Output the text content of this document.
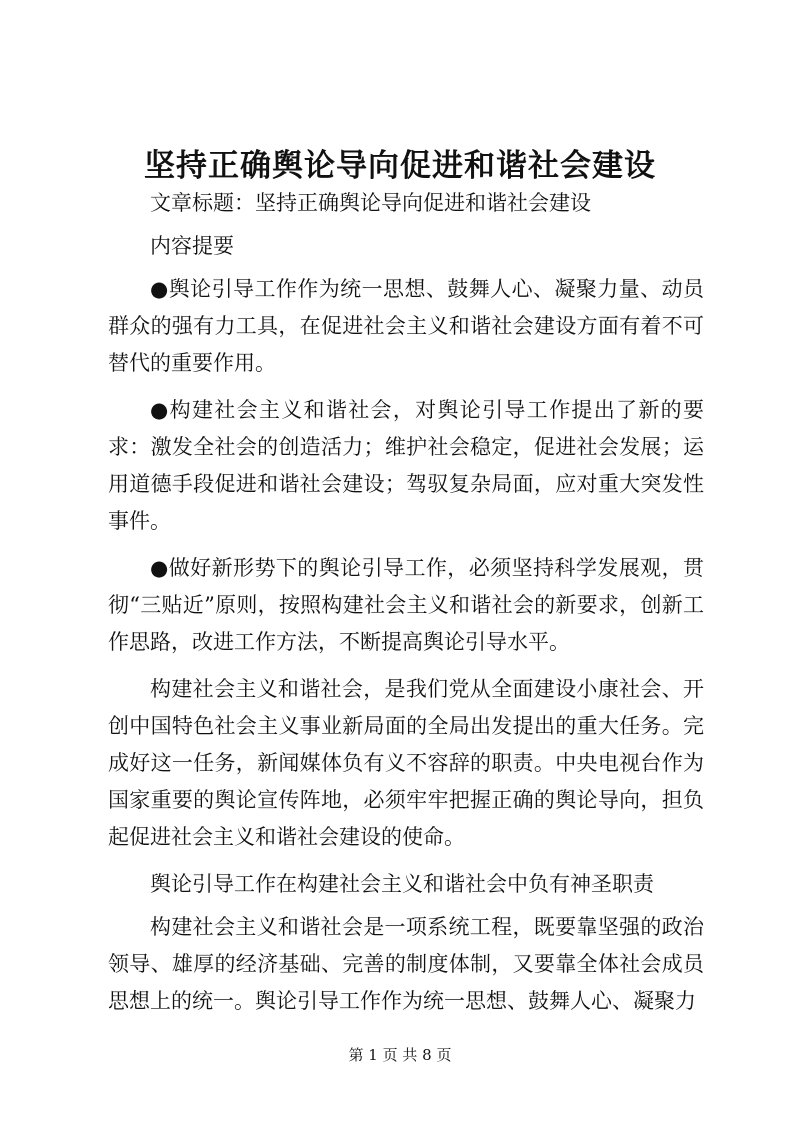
坚持正确舆论导向促进和谐社会建设

文章标题：坚持正确舆论导向促进和谐社会建设

内容提要

●舆论引导工作作为统一思想、鼓舞人心、凝聚力量、动员群众的强有力工具，在促进社会主义和谐社会建设方面有着不可替代的重要作用。

●构建社会主义和谐社会，对舆论引导工作提出了新的要求：激发全社会的创造活力；维护社会稳定，促进社会发展；运用道德手段促进和谐社会建设；驾驭复杂局面，应对重大突发性事件。

●做好新形势下的舆论引导工作，必须坚持科学发展观，贯彻“三贴近”原则，按照构建社会主义和谐社会的新要求，创新工作思路，改进工作方法，不断提高舆论引导水平。

构建社会主义和谐社会，是我们党从全面建设小康社会、开创中国特色社会主义事业新局面的全局出发提出的重大任务。完成好这一任务，新闻媒体负有义不容辞的职责。中央电视台作为国家重要的舆论宣传阵地，必须牢牢把握正确的舆论导向，担负起促进社会主义和谐社会建设的使命。

舆论引导工作在构建社会主义和谐社会中负有神圣职责

构建社会主义和谐社会是一项系统工程，既要靠坚强的政治领导、雄厚的经济基础、完善的制度体制，又要靠全体社会成员思想上的统一。舆论引导工作作为统一思想、鼓舞人心、凝聚力

第 1 页 共 8 页
